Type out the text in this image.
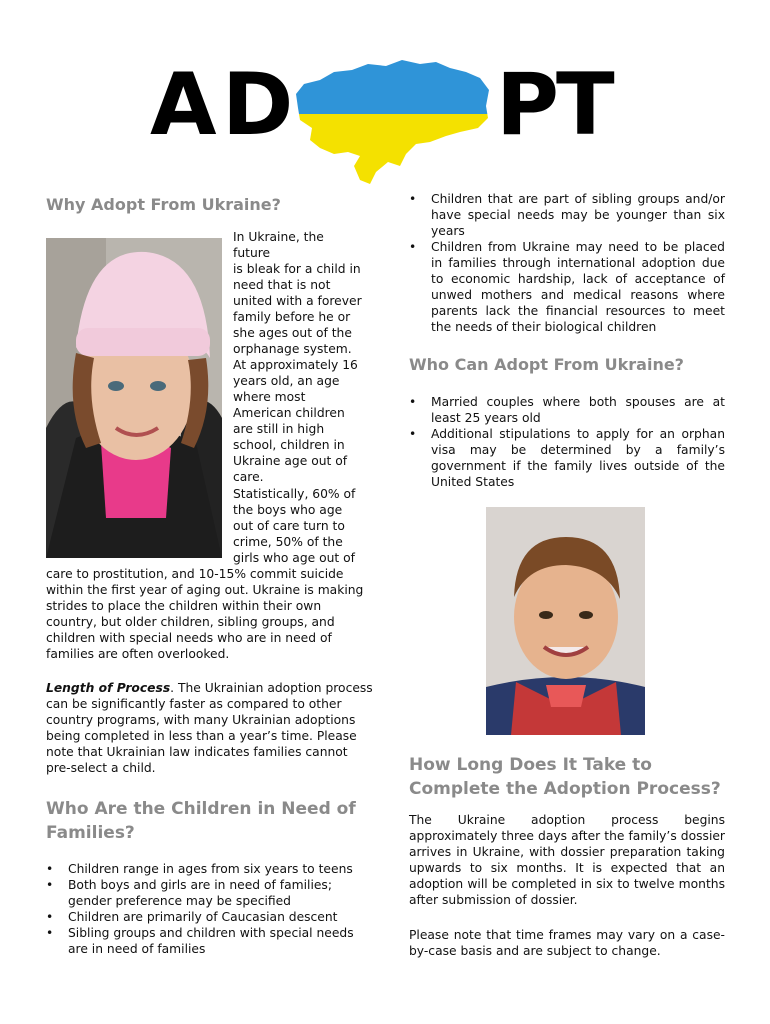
A D P
T
Why Adopt From Ukraine?
In Ukraine, the future
is bleak for a child in
need that is not
united with a forever
family before he or
she ages out of the
orphanage system.
At approximately 16
years old, an age
where most
American children
are still in high
school, children in
Ukraine age out of
care.
Statistically, 60% of
the boys who age
out of care turn to
crime, 50% of the
girls who age out of
care to prostitution, and 10-15% commit suicide
within the first year of aging out. Ukraine is making
strides to place the children within their own
country, but older children, sibling groups, and
children with special needs who are in need of
families are often overlooked.
Length of Process. The Ukrainian adoption process
can be significantly faster as compared to other
country programs, with many Ukrainian adoptions
being completed in less than a year’s time. Please
note that Ukrainian law indicates families cannot
pre-select a child.
Who Are the Children in Need of
Families?
• Children range in ages from six years to teens
• Both boys and girls are in need of families; gender preference may be specified
• Children are primarily of Caucasian descent
• Sibling groups and children with special needs are in need of families
• Children that are part of sibling groups and/or have special needs may be younger than six years
• Children from Ukraine may need to be placed in families through international adoption due to economic hardship, lack of acceptance of unwed mothers and medical reasons where parents lack the financial resources to meet the needs of their biological children
Who Can Adopt From Ukraine?
• Married couples where both spouses are at least 25 years old
• Additional stipulations to apply for an orphan visa may be determined by a family’s government if the family lives outside of the United States
How Long Does It Take to
Complete the Adoption Process?
The Ukraine adoption process begins approximately three days after the family’s dossier arrives in Ukraine, with dossier preparation taking upwards to six months. It is expected that an adoption will be completed in six to twelve months after submission of dossier.
Please note that time frames may vary on a case-by-case basis and are subject to change.
